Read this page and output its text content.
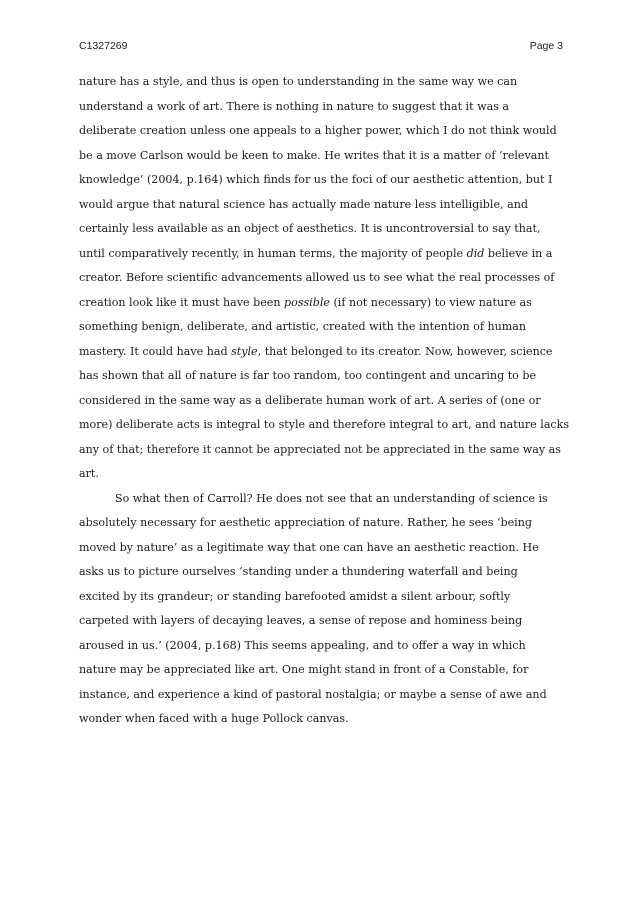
C1327269	Page 3
nature has a style, and thus is open to understanding in the same way we can
understand a work of art. There is nothing in nature to suggest that it was a
deliberate creation unless one appeals to a higher power, which I do not think would
be a move Carlson would be keen to make. He writes that it is a matter of ‘relevant
knowledge’ (2004, p.164) which finds for us the foci of our aesthetic attention, but I
would argue that natural science has actually made nature less intelligible, and
certainly less available as an object of aesthetics. It is uncontroversial to say that,
until comparatively recently, in human terms, the majority of people did believe in a
creator. Before scientific advancements allowed us to see what the real processes of
creation look like it must have been possible (if not necessary) to view nature as
something benign, deliberate, and artistic, created with the intention of human
mastery. It could have had style, that belonged to its creator. Now, however, science
has shown that all of nature is far too random, too contingent and uncaring to be
considered in the same way as a deliberate human work of art. A series of (one or
more) deliberate acts is integral to style and therefore integral to art, and nature lacks
any of that; therefore it cannot be appreciated not be appreciated in the same way as
art.
So what then of Carroll? He does not see that an understanding of science is
absolutely necessary for aesthetic appreciation of nature. Rather, he sees ‘being
moved by nature’ as a legitimate way that one can have an aesthetic reaction. He
asks us to picture ourselves ‘standing under a thundering waterfall and being
excited by its grandeur; or standing barefooted amidst a silent arbour, softly
carpeted with layers of decaying leaves, a sense of repose and hominess being
aroused in us.’ (2004, p.168) This seems appealing, and to offer a way in which
nature may be appreciated like art. One might stand in front of a Constable, for
instance, and experience a kind of pastoral nostalgia; or maybe a sense of awe and
wonder when faced with a huge Pollock canvas.
